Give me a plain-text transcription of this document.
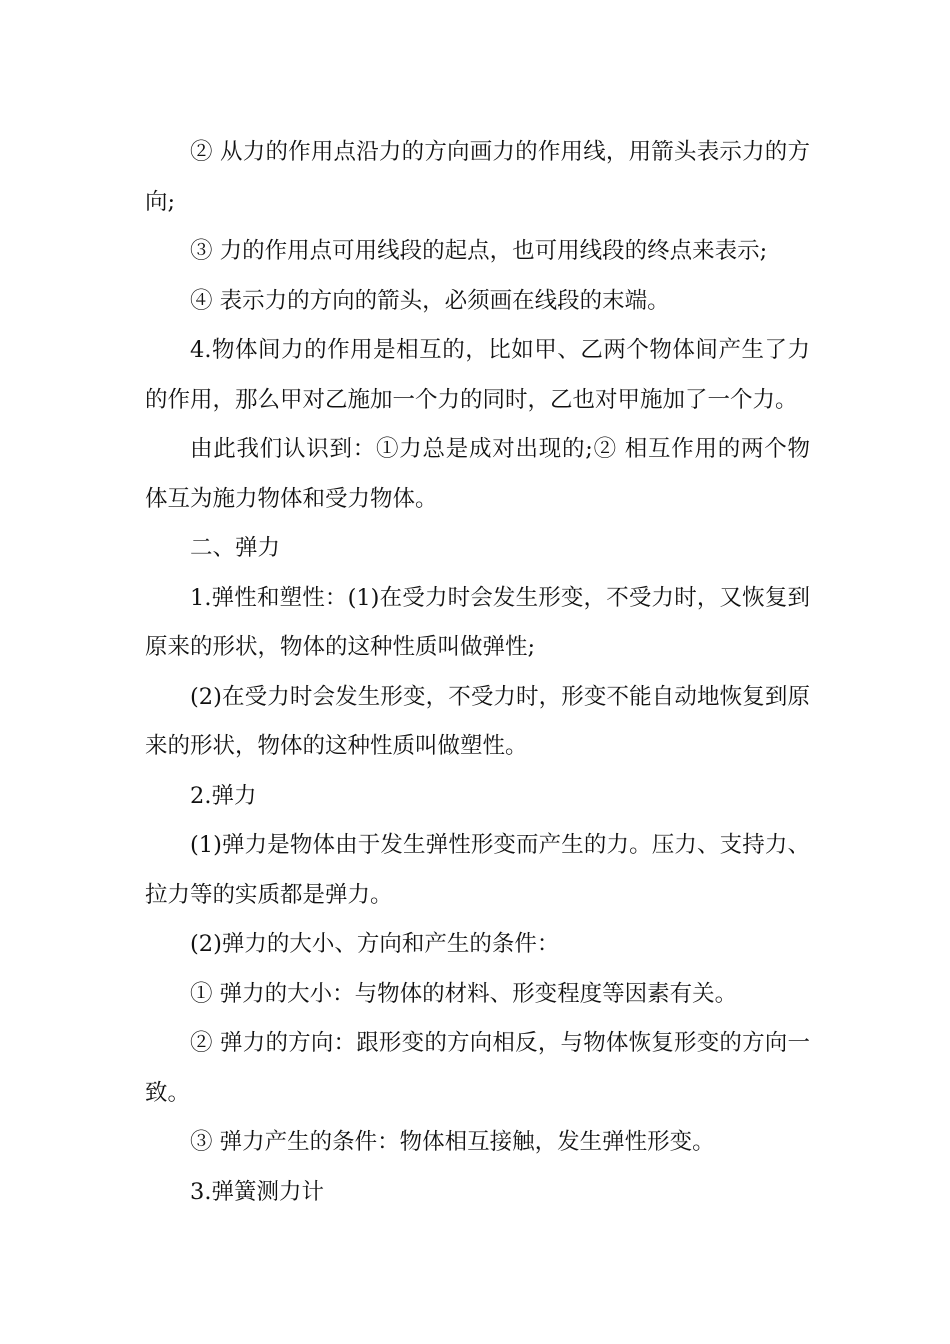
② 从力的作用点沿力的方向画力的作用线，用箭头表示力的方向;

③ 力的作用点可用线段的起点，也可用线段的终点来表示;

④ 表示力的方向的箭头，必须画在线段的末端。

4.物体间力的作用是相互的，比如甲、乙两个物体间产生了力的作用，那么甲对乙施加一个力的同时，乙也对甲施加了一个力。

由此我们认识到：①力总是成对出现的;② 相互作用的两个物体互为施力物体和受力物体。

二、弹力

1.弹性和塑性：(1)在受力时会发生形变，不受力时，又恢复到原来的形状，物体的这种性质叫做弹性;

(2)在受力时会发生形变，不受力时，形变不能自动地恢复到原来的形状，物体的这种性质叫做塑性。

2.弹力

(1)弹力是物体由于发生弹性形变而产生的力。压力、支持力、拉力等的实质都是弹力。

(2)弹力的大小、方向和产生的条件：

① 弹力的大小：与物体的材料、形变程度等因素有关。

② 弹力的方向：跟形变的方向相反，与物体恢复形变的方向一致。

③ 弹力产生的条件：物体相互接触，发生弹性形变。

3.弹簧测力计
